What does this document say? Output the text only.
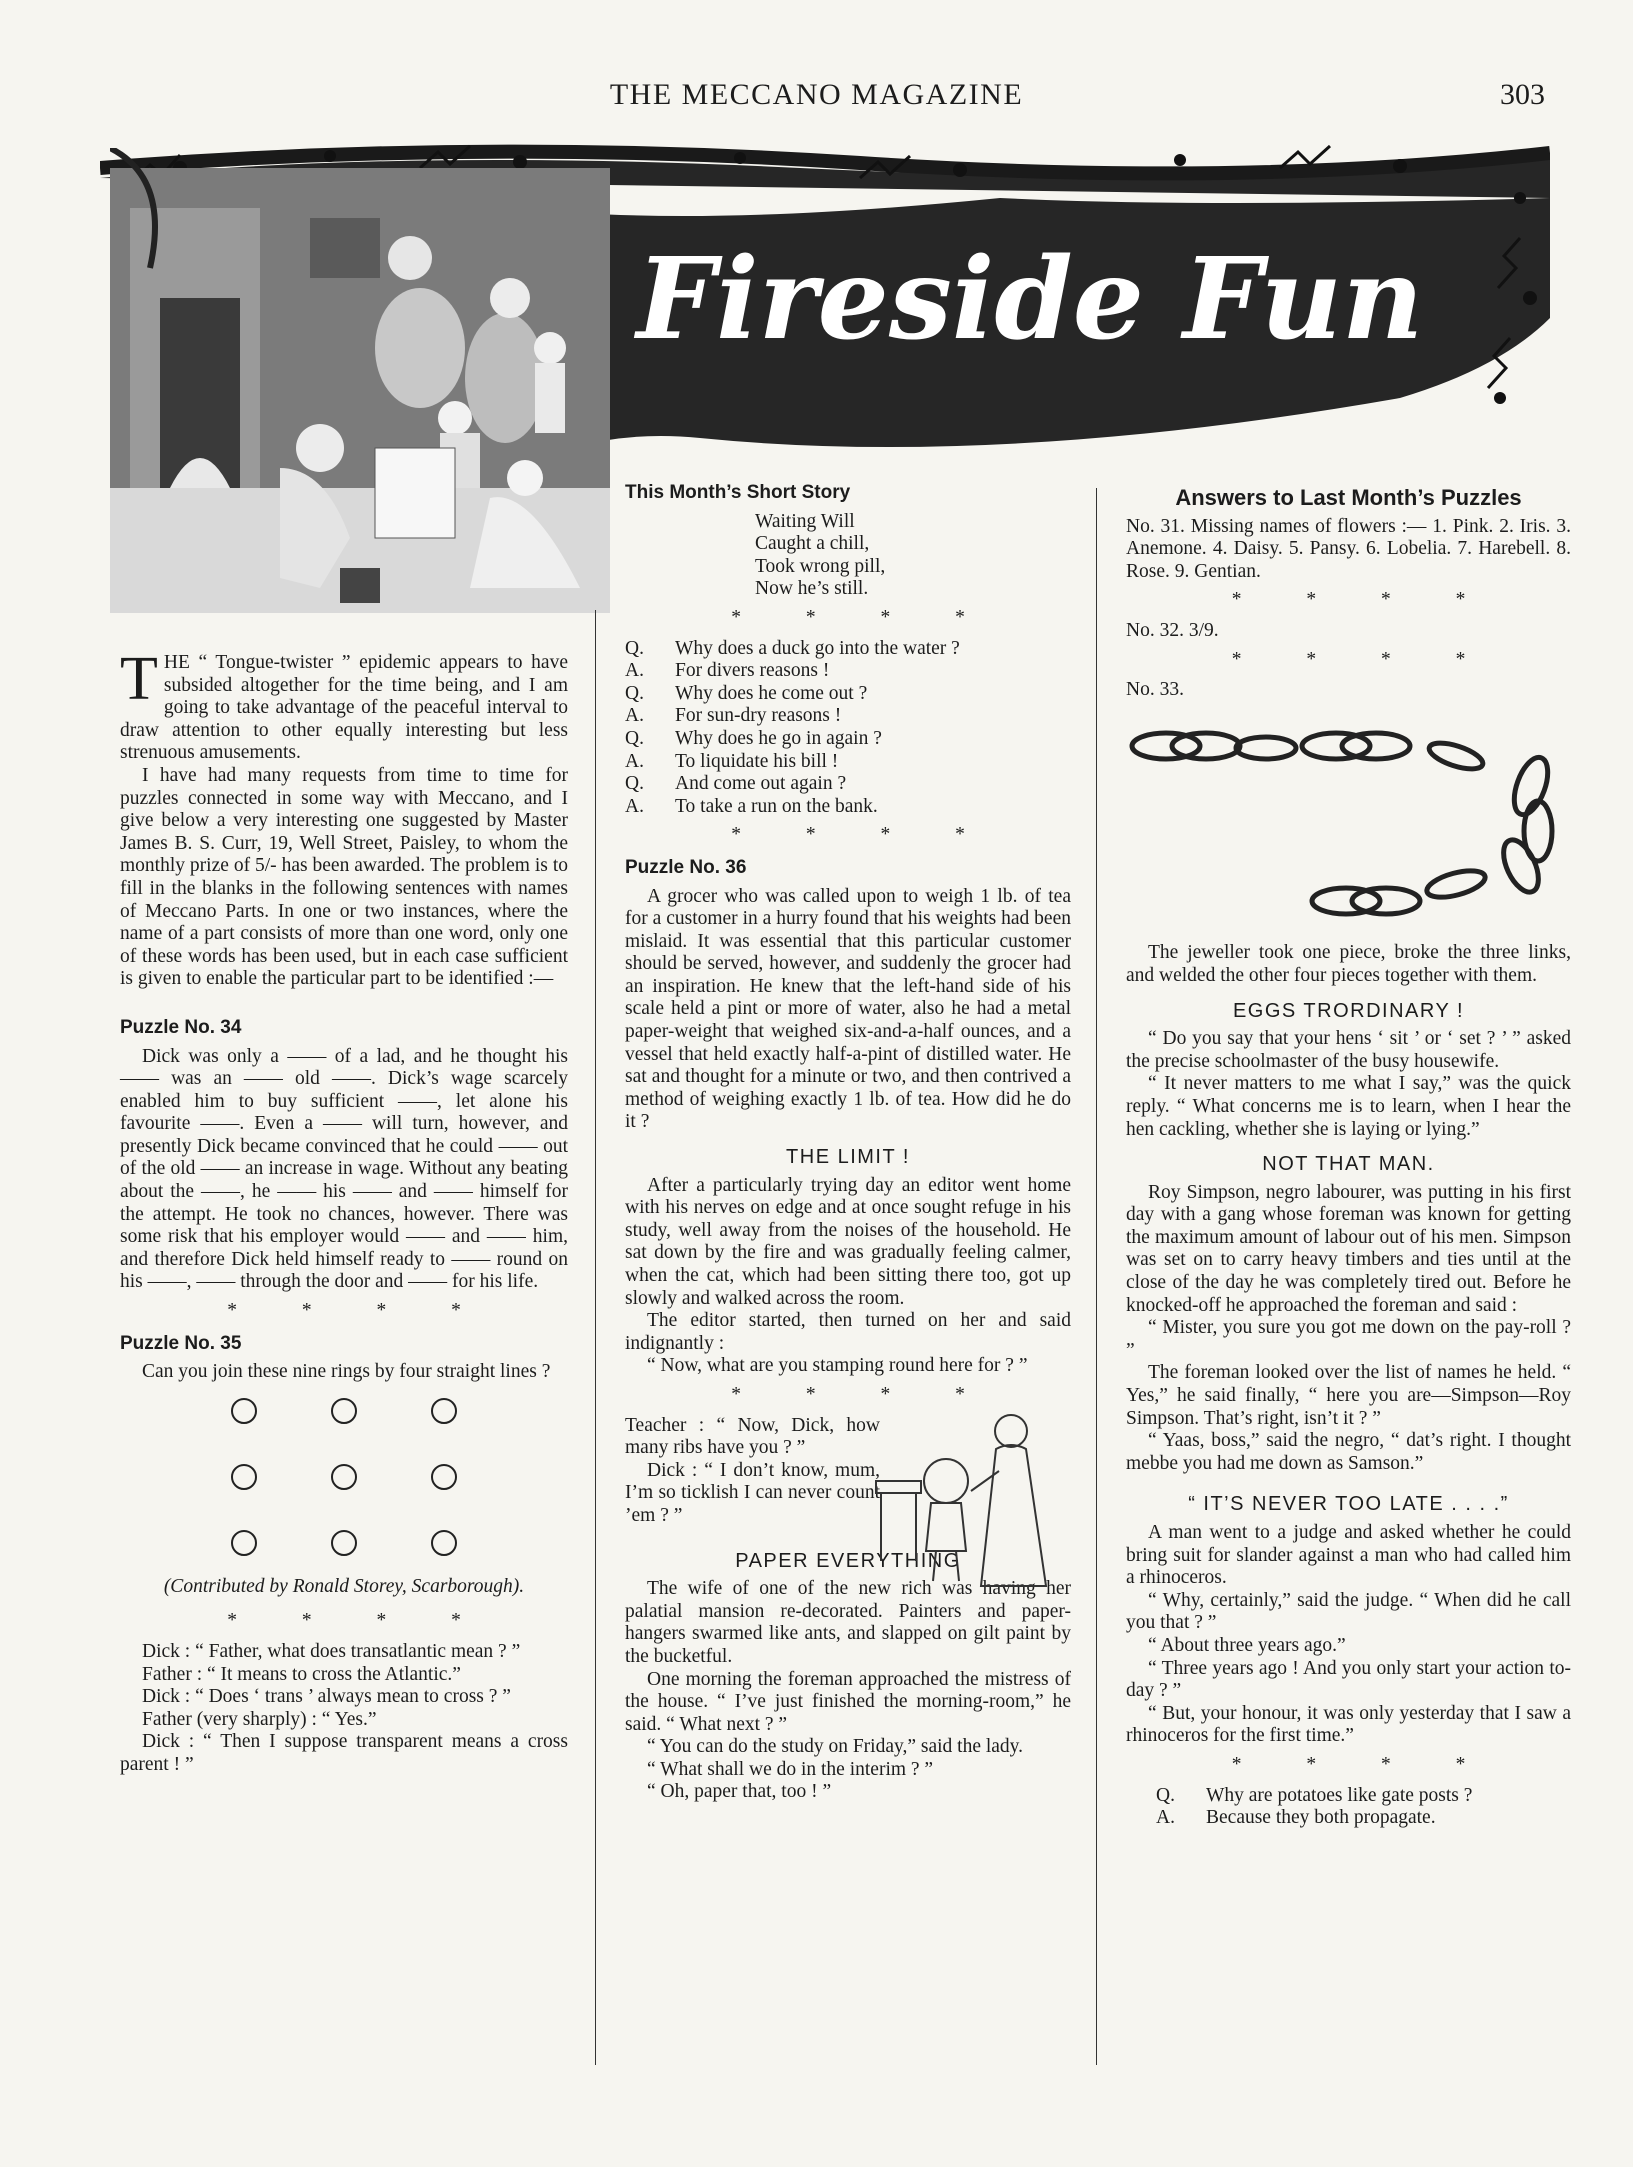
THE MECCANO MAGAZINE	303
Fireside Fun

THE “ Tongue-twister ” epidemic appears to have subsided altogether for the time being, and I am going to take advantage of the peaceful interval to draw attention to other equally interesting but less strenuous amusements.

I have had many requests from time to time for puzzles connected in some way with Meccano, and I give below a very interesting one suggested by Master James B. S. Curr, 19, Well Street, Paisley, to whom the monthly prize of 5/- has been awarded. The problem is to fill in the blanks in the following sentences with names of Meccano Parts. In one or two instances, where the name of a part consists of more than one word, only one of these words has been used, but in each case sufficient is given to enable the particular part to be identified :—

Puzzle No. 34

Dick was only a —— of a lad, and he thought his —— was an —— old ——. Dick’s wage scarcely enabled him to buy sufficient ——, let alone his favourite ——. Even a —— will turn, however, and presently Dick became convinced that he could —— out of the old —— an increase in wage. Without any beating about the ——, he —— his —— and —— himself for the attempt. He took no chances, however. There was some risk that his employer would —— and —— him, and therefore Dick held himself ready to —— round on his ——, —— through the door and —— for his life.

* * * *
Puzzle No. 35

Can you join these nine rings by four straight lines ?

(Contributed by Ronald Storey, Scarborough).

* * * *

Dick : “ Father, what does transatlantic mean ? ”

Father : “ It means to cross the Atlantic.”

Dick : “ Does ‘ trans ’ always mean to cross ? ”

Father (very sharply) : “ Yes.”

Dick : “ Then I suppose transparent means a cross parent ! ”

This Month’s Short Story
Waiting Will
Caught a chill,
Took wrong pill,
Now he’s still.
* * * *
Q.	Why does a duck go into the water ?
A.	For divers reasons !
Q.	Why does he come out ?
A.	For sun-dry reasons !
Q.	Why does he go in again ?
A.	To liquidate his bill !
Q.	And come out again ?
A.	To take a run on the bank.
* * * *
Puzzle No. 36

A grocer who was called upon to weigh 1 lb. of tea for a customer in a hurry found that his weights had been mislaid. It was essential that this particular customer should be served, however, and suddenly the grocer had an inspiration. He knew that the left-hand side of his scale held a pint or more of water, also he had a metal paper-weight that weighed six-and-a-half ounces, and a vessel that held exactly half-a-pint of distilled water. He sat and thought for a minute or two, and then contrived a method of weighing exactly 1 lb. of tea. How did he do it ?

THE LIMIT !

After a particularly trying day an editor went home with his nerves on edge and at once sought refuge in his study, well away from the noises of the household. He sat down by the fire and was gradually feeling calmer, when the cat, which had been sitting there too, got up slowly and walked across the room.

The editor started, then turned on her and said indignantly :

“ Now, what are you stamping round here for ? ”

* * * *

Teacher : “ Now, Dick, how many ribs have you ? ”

Dick : “ I don’t know, mum, I’m so ticklish I can never count ’em ? ”

PAPER EVERYTHING

The wife of one of the new rich was having her palatial mansion re-decorated. Painters and paper-hangers swarmed like ants, and slapped on gilt paint by the bucketful.

One morning the foreman approached the mistress of the house. “ I’ve just finished the morning-room,” he said. “ What next ? ”

“ You can do the study on Friday,” said the lady.

“ What shall we do in the interim ? ”

“ Oh, paper that, too ! ”

Answers to Last Month’s Puzzles

No. 31. Missing names of flowers :— 1. Pink. 2. Iris. 3. Anemone. 4. Daisy. 5. Pansy. 6. Lobelia. 7. Harebell. 8. Rose. 9. Gentian.

* * * *

No. 32. 3/9.

* * * *

No. 33.

The jeweller took one piece, broke the three links, and welded the other four pieces together with them.

EGGS TRORDINARY !

“ Do you say that your hens ‘ sit ’ or ‘ set ? ’ ” asked the precise schoolmaster of the busy housewife.

“ It never matters to me what I say,” was the quick reply. “ What concerns me is to learn, when I hear the hen cackling, whether she is laying or lying.”

NOT THAT MAN.

Roy Simpson, negro labourer, was putting in his first day with a gang whose foreman was known for getting the maximum amount of labour out of his men. Simpson was set on to carry heavy timbers and ties until at the close of the day he was completely tired out. Before he knocked-off he approached the foreman and said :

“ Mister, you sure you got me down on the pay-roll ? ”

The foreman looked over the list of names he held. “ Yes,” he said finally, “ here you are—Simpson—Roy Simpson. That’s right, isn’t it ? ”

“ Yaas, boss,” said the negro, “ dat’s right. I thought mebbe you had me down as Samson.”

“ IT’S NEVER TOO LATE . . . .”

A man went to a judge and asked whether he could bring suit for slander against a man who had called him a rhinoceros.

“ Why, certainly,” said the judge. “ When did he call you that ? ”

“ About three years ago.”

“ Three years ago ! And you only start your action to-day ? ”

“ But, your honour, it was only yesterday that I saw a rhinoceros for the first time.”

* * * *
Q.	Why are potatoes like gate posts ?
A.	Because they both propagate.
